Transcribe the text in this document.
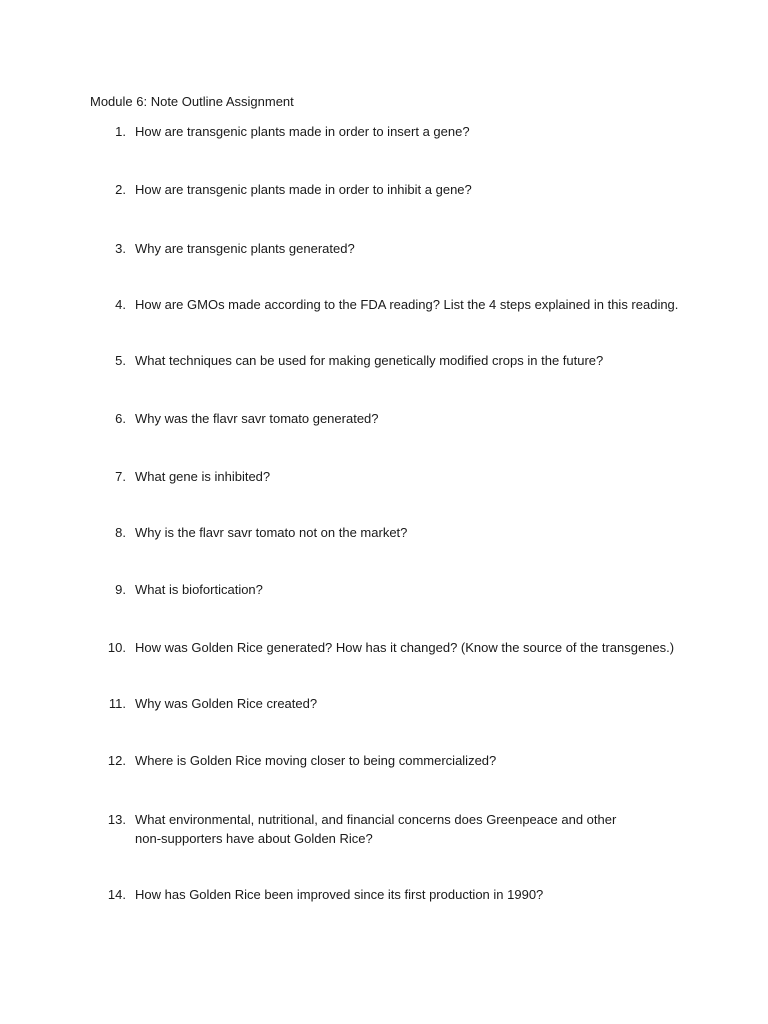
Module 6: Note Outline Assignment
1. How are transgenic plants made in order to insert a gene?
2. How are transgenic plants made in order to inhibit a gene?
3. Why are transgenic plants generated?
4. How are GMOs made according to the FDA reading? List the 4 steps explained in this reading.
5. What techniques can be used for making genetically modified crops in the future?
6. Why was the flavr savr tomato generated?
7. What gene is inhibited?
8. Why is the flavr savr tomato not on the market?
9. What is biofortication?
10. How was Golden Rice generated? How has it changed? (Know the source of the transgenes.)
11. Why was Golden Rice created?
12. Where is Golden Rice moving closer to being commercialized?
13. What environmental, nutritional, and financial concerns does Greenpeace and other non-supporters have about Golden Rice?
14. How has Golden Rice been improved since its first production in 1990?
